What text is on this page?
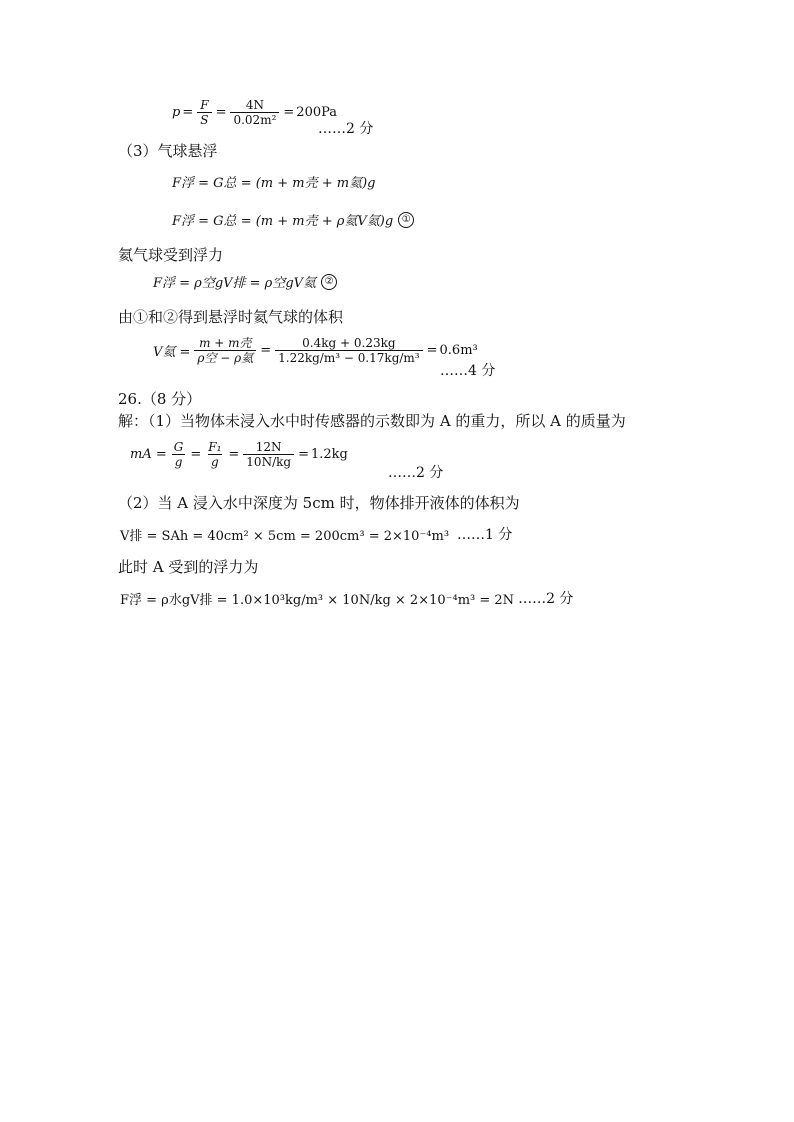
$p = \frac{F}{S} = \frac{4N}{\text{0.02m²}} = 200Pa$
……2 分
（3）气球悬浮
F浮 = G总 = (m + m壳 + m氦)g
F浮 = G总 = (m + m壳 + ρ氦V氦)g ①
氦气球受到浮力
F浮 = ρ空gV排 = ρ空gV氦 ②
由①和②得到悬浮时氦气球的体积
V氦 = $\frac{\text{m + m壳}}{\text{ρ空 − ρ氦}} = \frac{0.4kg + 0.23kg}{\text{1.22kg/m³ − 0.17kg/m³}} = 0.6m^3$
……4 分
26.（8 分）
解：（1）当物体未浸入水中时传感器的示数即为 A 的重力，所以 A 的质量为
mA = $\frac{G}{g} = \frac{\text{F₁}}{g} = \frac{12N}{10N/kg} = 1.2kg$
……2 分
（2）当 A 浸入水中深度为 5cm 时，物体排开液体的体积为
V排 = SAh = 40cm² × 5cm = 200cm³ = 2×10⁻⁴m³ ……1 分
此时 A 受到的浮力为
F浮 = ρ水gV排 = 1.0×10³kg/m³ × 10N/kg × 2×10⁻⁴m³ = 2N ……2 分
